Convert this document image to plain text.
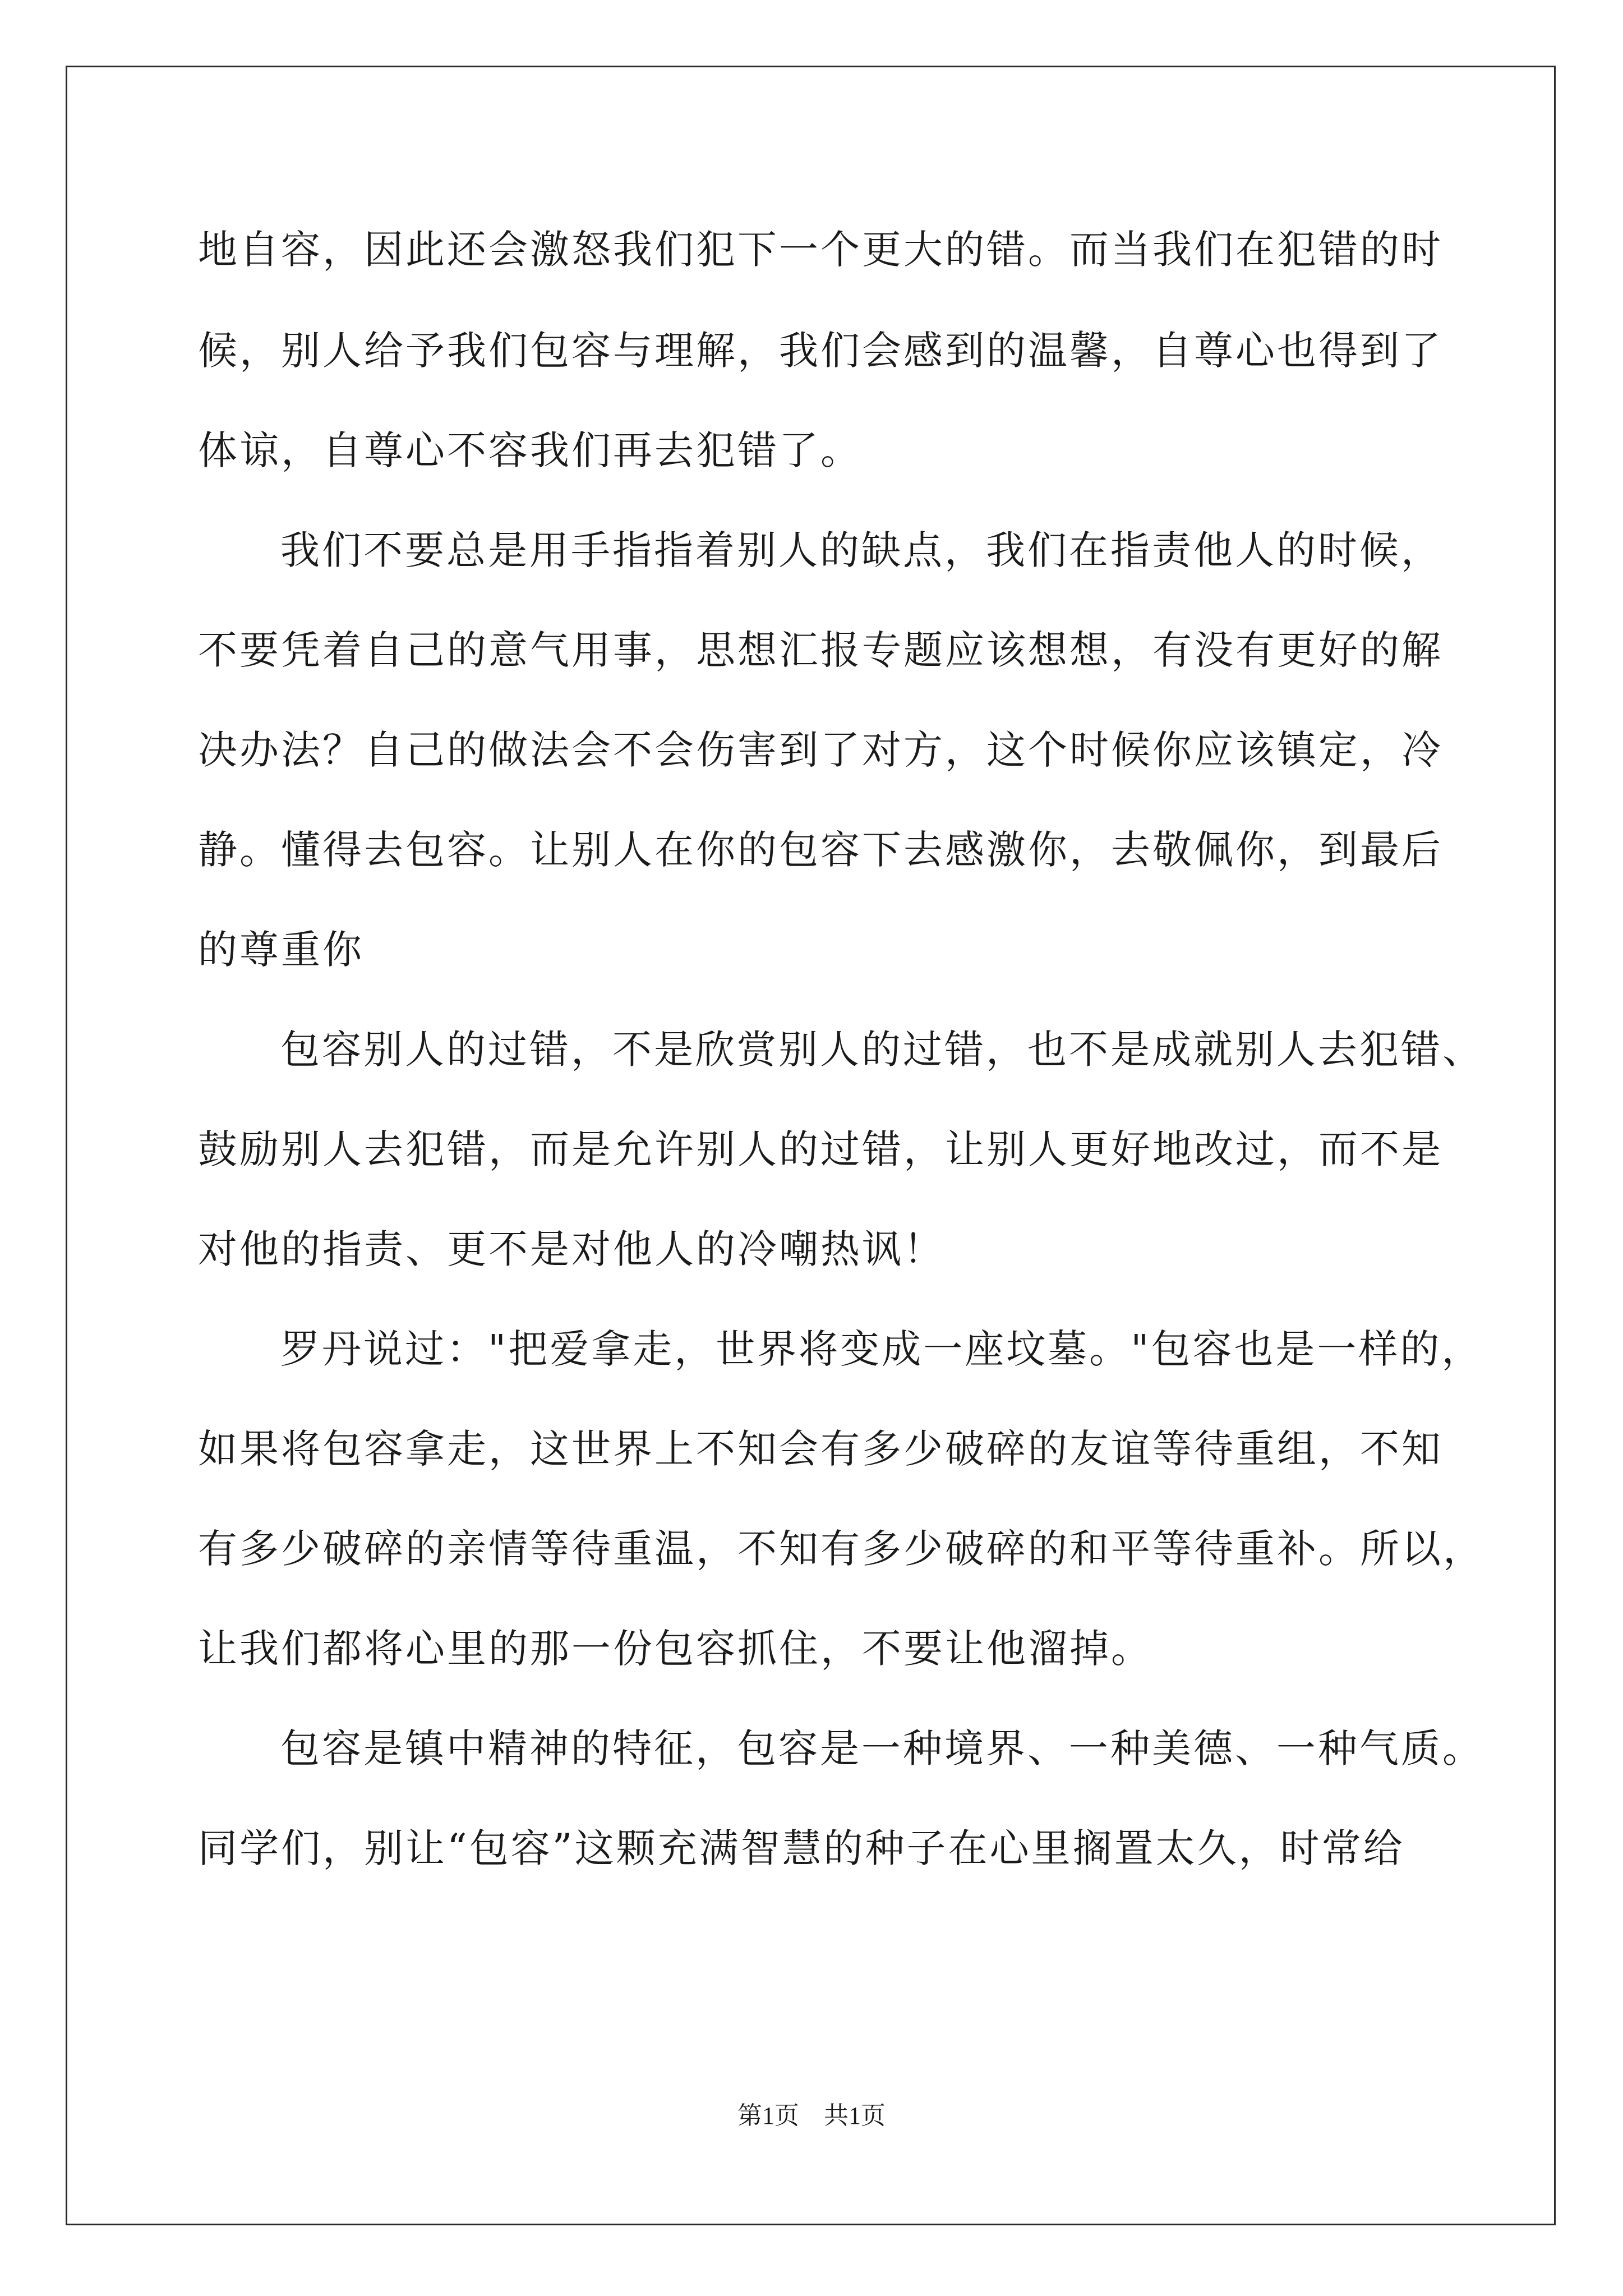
地自容，因此还会激怒我们犯下一个更大的错。而当我们在犯错的时

候，别人给予我们包容与理解，我们会感到的温馨，自尊心也得到了

体谅，自尊心不容我们再去犯错了。

我们不要总是用手指指着别人的缺点，我们在指责他人的时候，

不要凭着自己的意气用事，思想汇报专题应该想想，有没有更好的解

决办法？自己的做法会不会伤害到了对方，这个时候你应该镇定，冷

静。懂得去包容。让别人在你的包容下去感激你，去敬佩你，到最后

的尊重你

包容别人的过错，不是欣赏别人的过错，也不是成就别人去犯错、

鼓励别人去犯错，而是允许别人的过错，让别人更好地改过，而不是

对他的指责、更不是对他人的冷嘲热讽！

罗丹说过："把爱拿走，世界将变成一座坟墓。"包容也是一样的，

如果将包容拿走，这世界上不知会有多少破碎的友谊等待重组，不知

有多少破碎的亲情等待重温，不知有多少破碎的和平等待重补。所以，

让我们都将心里的那一份包容抓住，不要让他溜掉。

包容是镇中精神的特征，包容是一种境界、一种美德、一种气质。

同学们，别让“包容”这颗充满智慧的种子在心里搁置太久，时常给

第1页　共1页
